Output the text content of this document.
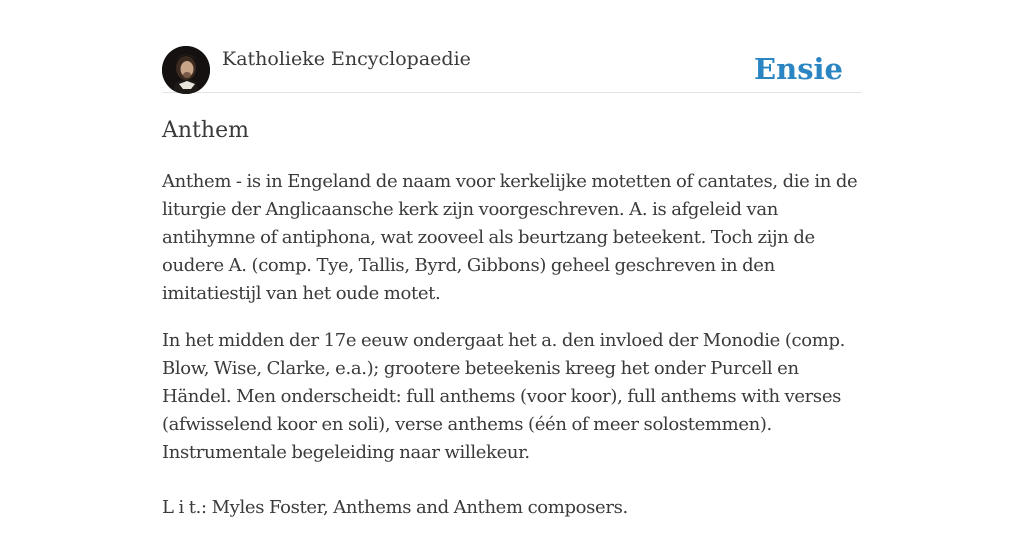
Katholieke Encyclopaedie	Ensie
Anthem

Anthem - is in Engeland de naam voor kerkelijke motetten of cantates, die in de liturgie der Anglicaansche kerk zijn voorgeschreven. A. is afgeleid van antihymne of antiphona, wat zooveel als beurtzang beteekent. Toch zijn de oudere A. (comp. Tye, Tallis, Byrd, Gibbons) geheel geschreven in den imitatiestijl van het oude motet.

In het midden der 17e eeuw ondergaat het a. den invloed der Monodie (comp. Blow, Wise, Clarke, e.a.); grootere beteekenis kreeg het onder Purcell en Händel. Men onderscheidt: full anthems (voor koor), full anthems with verses (afwisselend koor en soli), verse anthems (één of meer solostemmen). Instrumentale begeleiding naar willekeur.

L i t.: Myles Foster, Anthems and Anthem composers.
